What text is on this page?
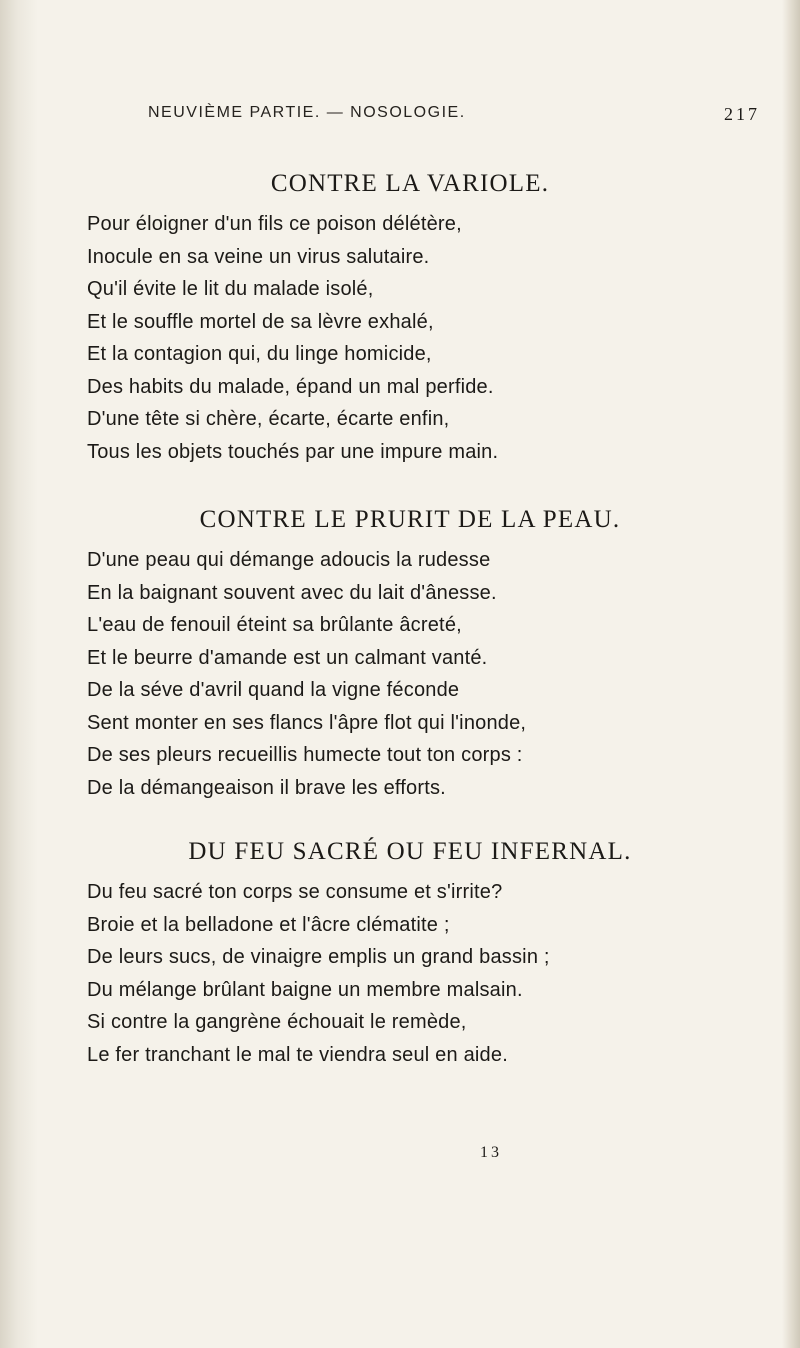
NEUVIÈME PARTIE. — NOSOLOGIE.	217
CONTRE LA VARIOLE.
Pour éloigner d'un fils ce poison délétère,
Inocule en sa veine un virus salutaire.
Qu'il évite le lit du malade isolé,
Et le souffle mortel de sa lèvre exhalé,
Et la contagion qui, du linge homicide,
Des habits du malade, épand un mal perfide.
D'une tête si chère, écarte, écarte enfin,
Tous les objets touchés par une impure main.
CONTRE LE PRURIT DE LA PEAU.
D'une peau qui démange adoucis la rudesse
En la baignant souvent avec du lait d'ânesse.
L'eau de fenouil éteint sa brûlante âcreté,
Et le beurre d'amande est un calmant vanté.
De la séve d'avril quand la vigne féconde
Sent monter en ses flancs l'âpre flot qui l'inonde,
De ses pleurs recueillis humecte tout ton corps :
De la démangeaison il brave les efforts.
DU FEU SACRÉ OU FEU INFERNAL.
Du feu sacré ton corps se consume et s'irrite?
Broie et la belladone et l'âcre clématite ;
De leurs sucs, de vinaigre emplis un grand bassin ;
Du mélange brûlant baigne un membre malsain.
Si contre la gangrène échouait le remède,
Le fer tranchant le mal te viendra seul en aide.
13
